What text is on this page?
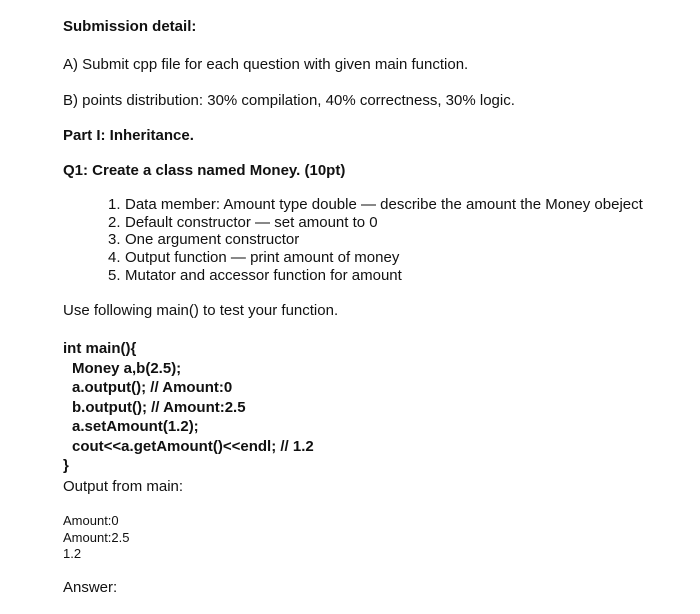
Submission detail:
A) Submit cpp file for each question with given main function.
B) points distribution: 30% compilation, 40% correctness, 30% logic.
Part I: Inheritance.
Q1: Create a class named Money. (10pt)
1. Data member: Amount type double — describe the amount the Money obeject
2. Default constructor — set amount to 0
3. One argument constructor
4. Output function — print amount of money
5. Mutator and accessor function for amount
Use following main() to test your function.
int main(){
Money a,b(2.5);
a.output(); // Amount:0
b.output(); // Amount:2.5
a.setAmount(1.2);
cout<<a.getAmount()<<endl; // 1.2
}
Output from main:
Amount:0
Amount:2.5
1.2
Answer:
